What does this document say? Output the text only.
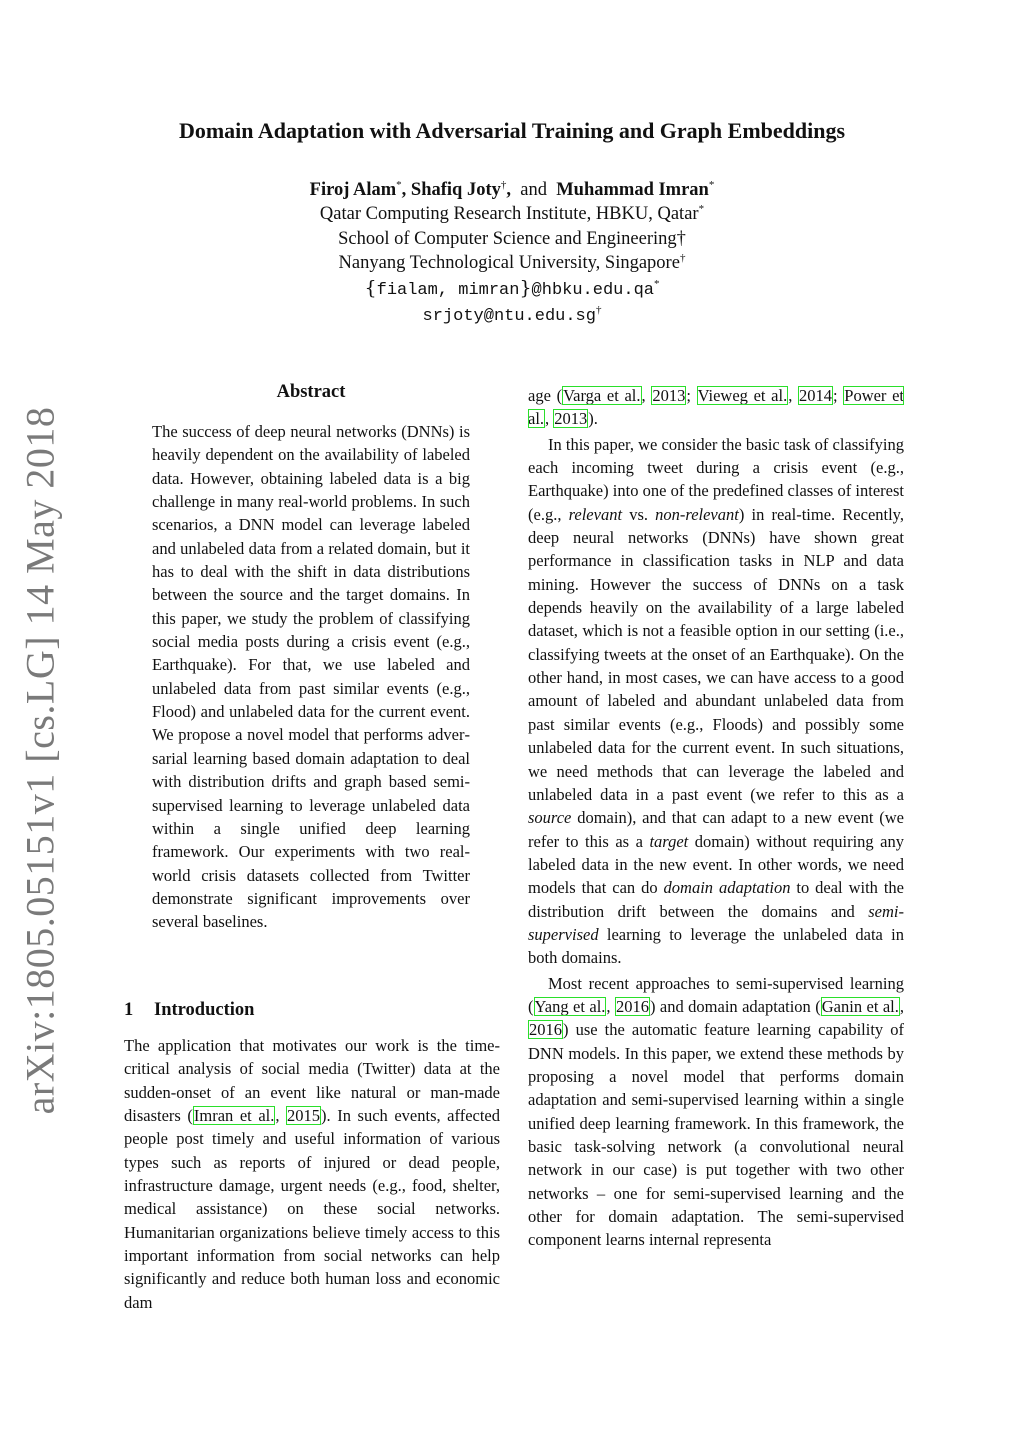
arXiv:1805.05151v1 [cs.LG] 14 May 2018
Domain Adaptation with Adversarial Training and Graph Embeddings
Firoj Alam*, Shafiq Joty†, and Muhammad Imran*
Qatar Computing Research Institute, HBKU, Qatar*
School of Computer Science and Engineering†
Nanyang Technological University, Singapore†
{fialam, mimran}@hbku.edu.qa*
srjoty@ntu.edu.sg†
Abstract

The success of deep neural networks (DNNs) is heavily dependent on the availability of labeled data. However, obtaining labeled data is a big challenge in many real-world problems. In such scenarios, a DNN model can leverage labeled and unlabeled data from a related domain, but it has to deal with the shift in data distributions between the source and the target domains. In this paper, we study the problem of classifying social media posts during a crisis event (e.g., Earthquake). For that, we use labeled and unlabeled data from past similar events (e.g., Flood) and unlabeled data for the current event. We propose a novel model that performs adversarial learning based domain adaptation to deal with distribution drifts and graph based semi-supervised learning to leverage unlabeled data within a single unified deep learning framework. Our experiments with two real-world crisis datasets collected from Twitter demonstrate significant improvements over several baselines.

1 Introduction

The application that motivates our work is the time-critical analysis of social media (Twitter) data at the sudden-onset of an event like natural or man-made disasters (Imran et al., 2015). In such events, affected people post timely and useful information of various types such as reports of injured or dead people, infrastructure damage, urgent needs (e.g., food, shelter, medical assistance) on these social networks. Humanitarian organizations believe timely access to this important information from social networks can help significantly and reduce both human loss and economic dam

age (Varga et al., 2013; Vieweg et al., 2014; Power et al., 2013).

In this paper, we consider the basic task of classifying each incoming tweet during a crisis event (e.g., Earthquake) into one of the predefined classes of interest (e.g., relevant vs. non-relevant) in real-time. Recently, deep neural networks (DNNs) have shown great performance in classification tasks in NLP and data mining. However the success of DNNs on a task depends heavily on the availability of a large labeled dataset, which is not a feasible option in our setting (i.e., classifying tweets at the onset of an Earthquake). On the other hand, in most cases, we can have access to a good amount of labeled and abundant unlabeled data from past similar events (e.g., Floods) and possibly some unlabeled data for the current event. In such situations, we need methods that can leverage the labeled and unlabeled data in a past event (we refer to this as a source domain), and that can adapt to a new event (we refer to this as a target domain) without requiring any labeled data in the new event. In other words, we need models that can do domain adaptation to deal with the distribution drift between the domains and semi-supervised learning to leverage the unlabeled data in both domains.

Most recent approaches to semi-supervised learning (Yang et al., 2016) and domain adaptation (Ganin et al., 2016) use the automatic feature learning capability of DNN models. In this paper, we extend these methods by proposing a novel model that performs domain adaptation and semi-supervised learning within a single unified deep learning framework. In this framework, the basic task-solving network (a convolutional neural network in our case) is put together with two other networks – one for semi-supervised learning and the other for domain adaptation. The semi-supervised component learns internal representa
